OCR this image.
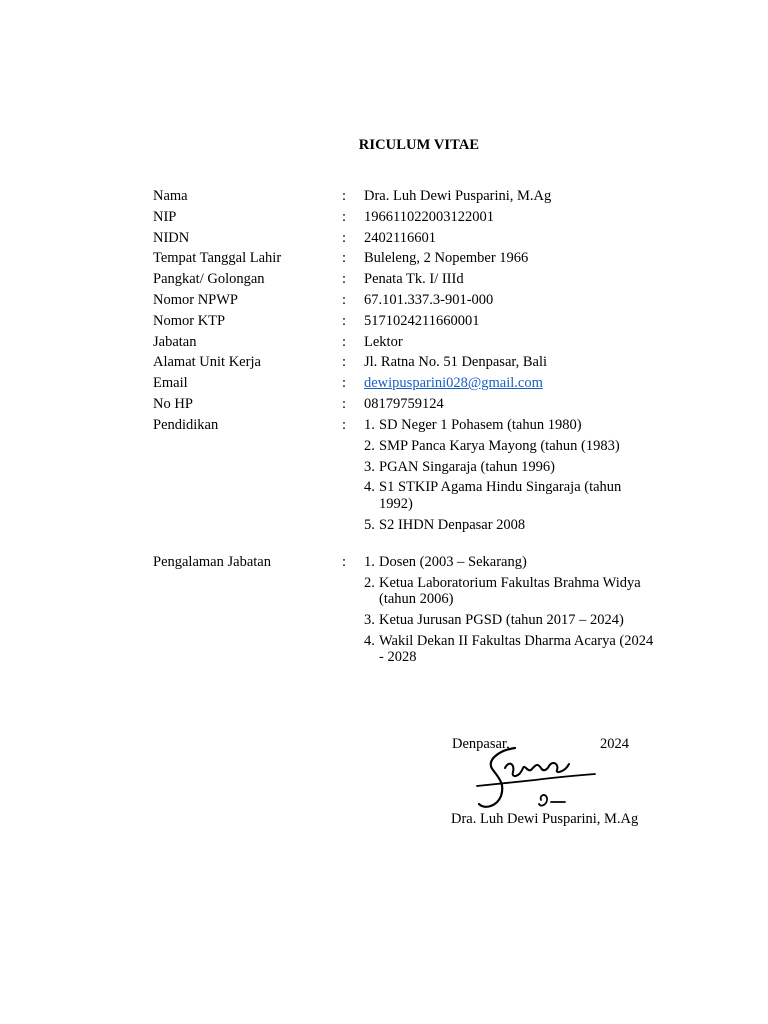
RICULUM VITAE
Nama	: Dra. Luh Dewi Pusparini, M.Ag
NIP	: 196611022003122001
NIDN	: 2402116601
Tempat Tanggal Lahir	: Buleleng, 2 Nopember 1966
Pangkat/ Golongan	: Penata Tk. I/ IIId
Nomor NPWP	: 67.101.337.3-901-000
Nomor KTP	: 5171024211660001
Jabatan	: Lektor
Alamat Unit Kerja	: Jl. Ratna No. 51 Denpasar, Bali
Email	: dewipusparini028@gmail.com
No HP	: 08179759124
Pendidikan	: 1. SD Neger 1 Pohasem (tahun 1980)
2. SMP Panca Karya Mayong (tahun (1983)
3. PGAN Singaraja (tahun 1996)
4. S1 STKIP Agama Hindu Singaraja (tahun 1992)
5. S2 IHDN Denpasar 2008
Pengalaman Jabatan	: 1. Dosen (2003 – Sekarang)
2. Ketua Laboratorium Fakultas Brahma Widya (tahun 2006)
3. Ketua Jurusan PGSD (tahun 2017 – 2024)
4. Wakil Dekan II Fakultas Dharma Acarya (2024 - 2028
Denpasar,	2024
Dra. Luh Dewi Pusparini, M.Ag
